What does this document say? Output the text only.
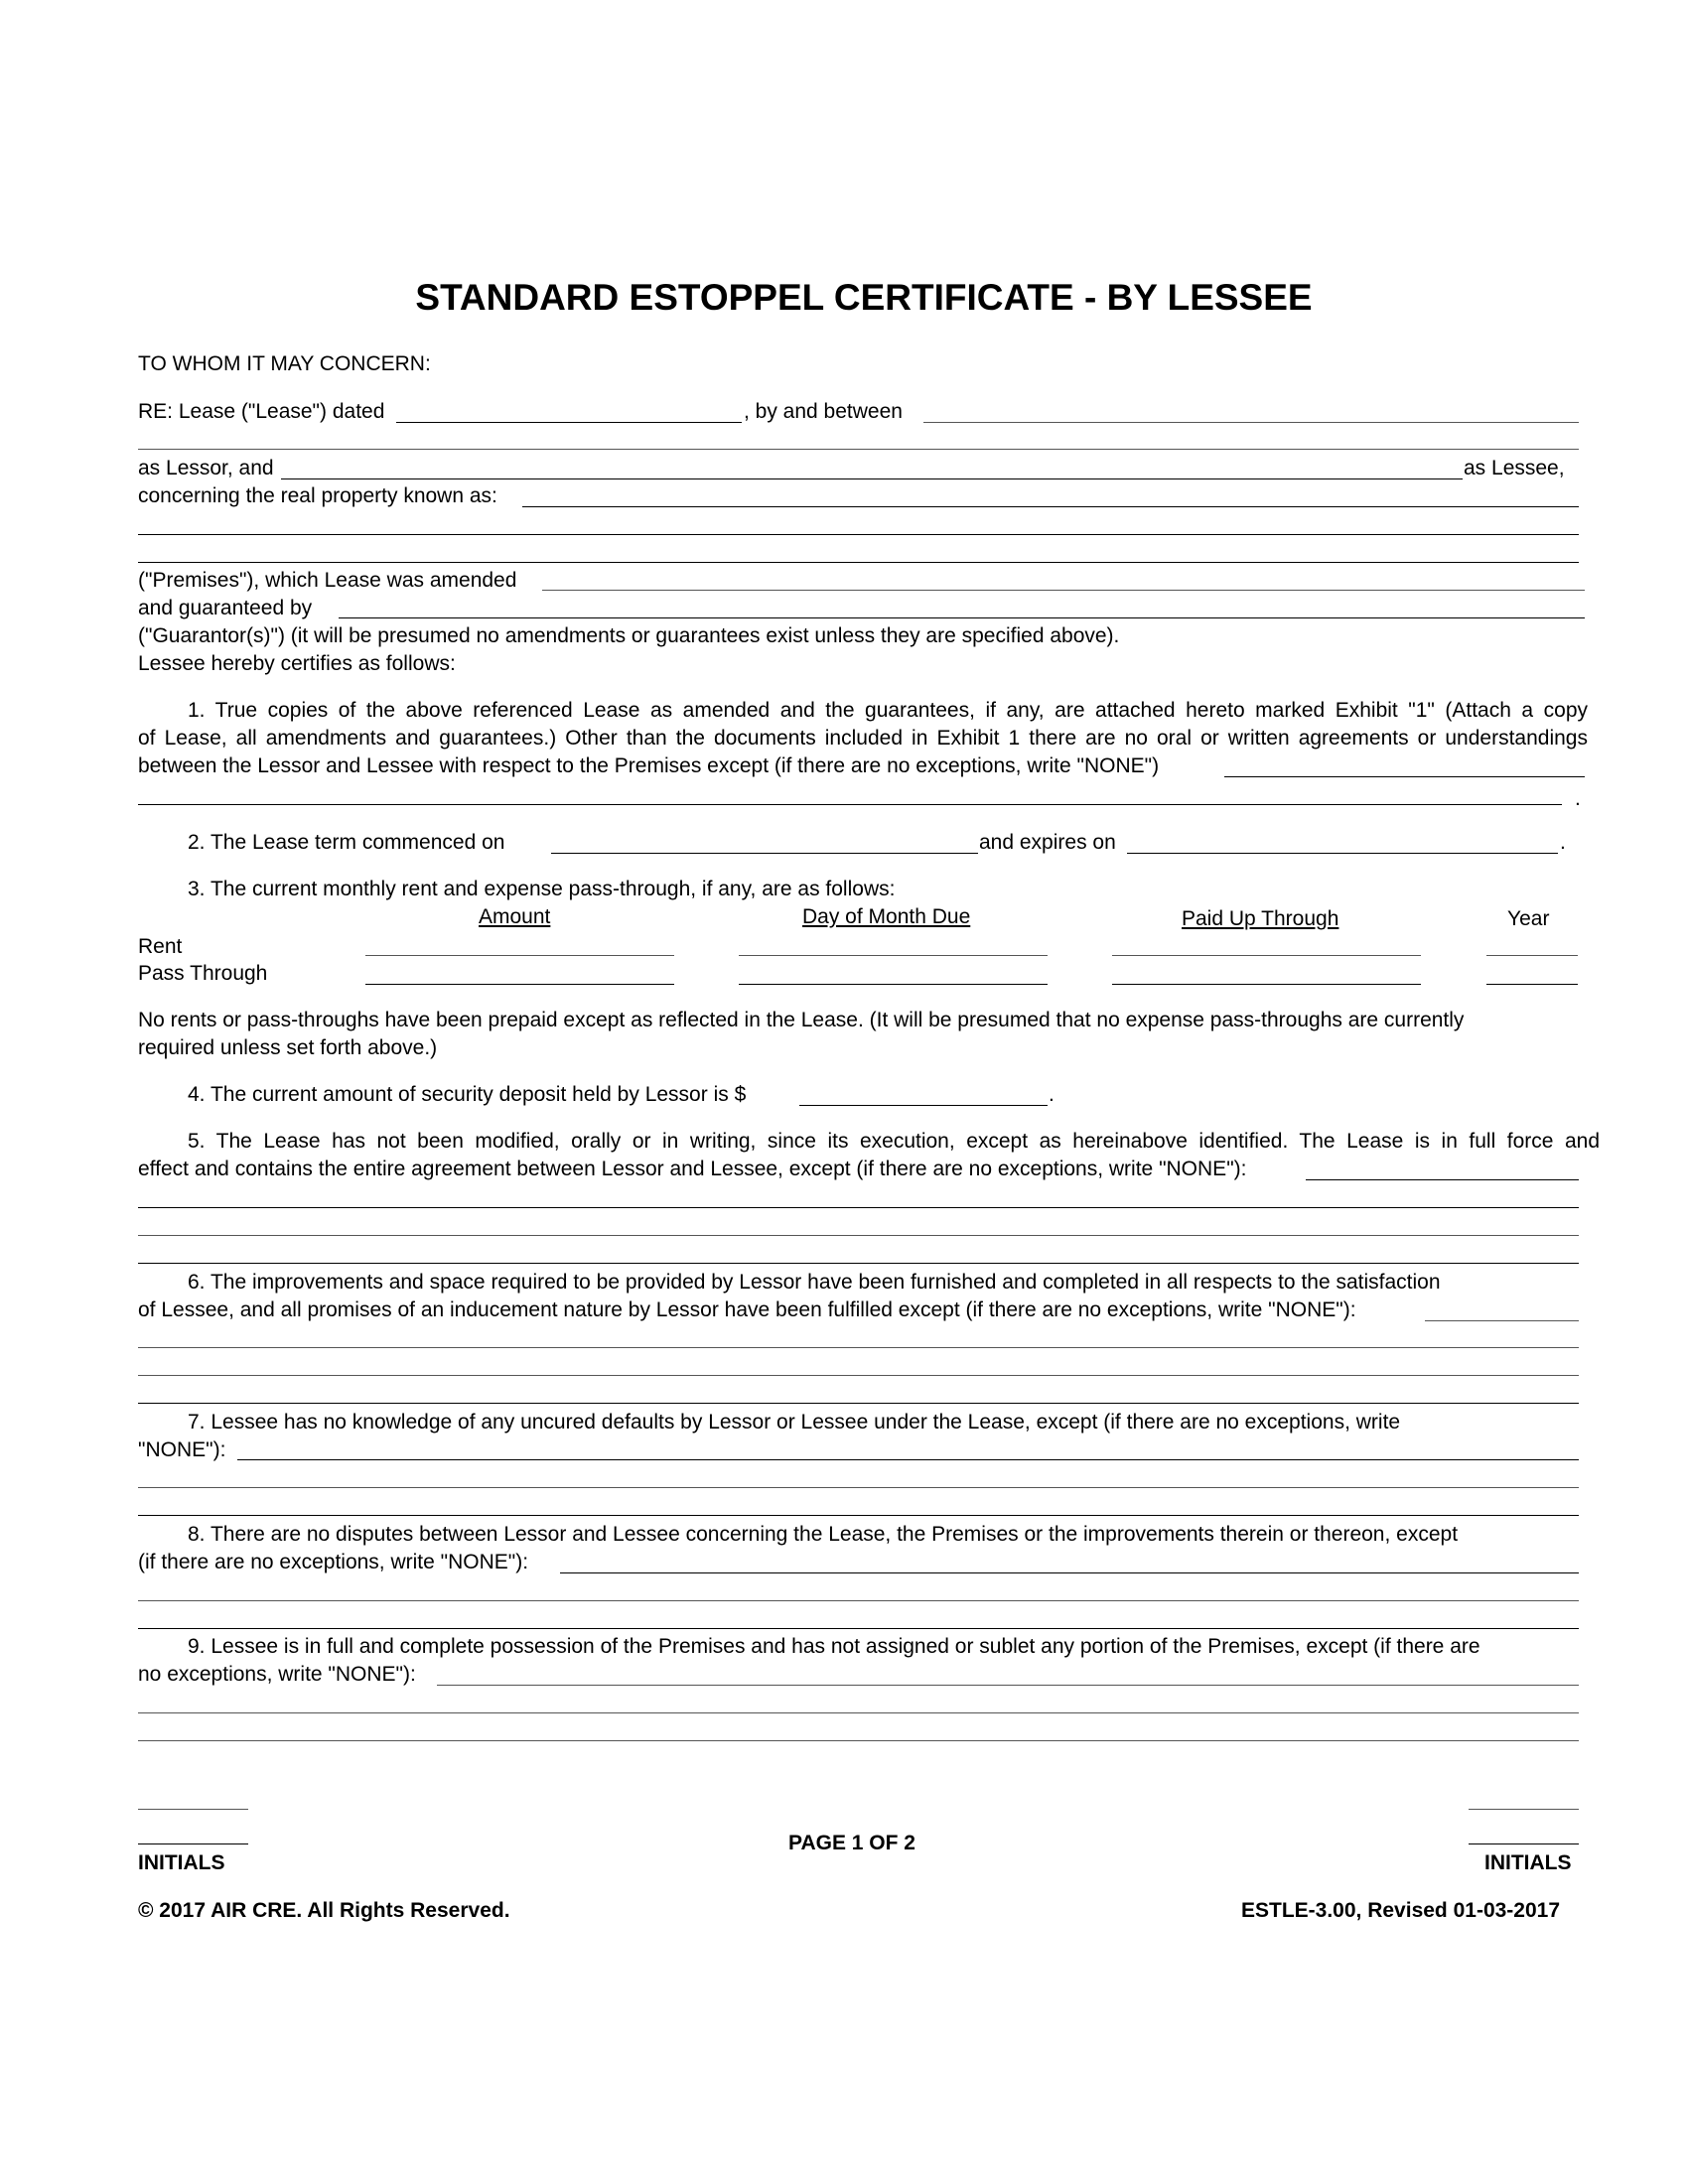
STANDARD ESTOPPEL CERTIFICATE - BY LESSEE
TO WHOM IT MAY CONCERN:
RE: Lease ("Lease") dated	, by and between
as Lessor, and	as Lessee,
concerning the real property known as:
("Premises"), which Lease was amended
and guaranteed by
("Guarantor(s)") (it will be presumed no amendments or guarantees exist unless they are specified above).
Lessee hereby certifies as follows:
1. True copies of the above referenced Lease as amended and the guarantees, if any, are attached hereto marked Exhibit "1" (Attach a copy
of Lease, all amendments and guarantees.) Other than the documents included in Exhibit 1 there are no oral or written agreements or understandings
between the Lessor and Lessee with respect to the Premises except (if there are no exceptions, write "NONE")
.
2. The Lease term commenced on	and expires on	.
3. The current monthly rent and expense pass-through, if any, are as follows:
Amount	Day of Month Due	Paid Up Through	Year
Rent
Pass Through
No rents or pass-throughs have been prepaid except as reflected in the Lease. (It will be presumed that no expense pass-throughs are currently
required unless set forth above.)
4. The current amount of security deposit held by Lessor is $	.
5. The Lease has not been modified, orally or in writing, since its execution, except as hereinabove identified. The Lease is in full force and
effect and contains the entire agreement between Lessor and Lessee, except (if there are no exceptions, write "NONE"):
6. The improvements and space required to be provided by Lessor have been furnished and completed in all respects to the satisfaction
of Lessee, and all promises of an inducement nature by Lessor have been fulfilled except (if there are no exceptions, write "NONE"):
7. Lessee has no knowledge of any uncured defaults by Lessor or Lessee under the Lease, except (if there are no exceptions, write
"NONE"):
8. There are no disputes between Lessor and Lessee concerning the Lease, the Premises or the improvements therein or thereon, except
(if there are no exceptions, write "NONE"):
9. Lessee is in full and complete possession of the Premises and has not assigned or sublet any portion of the Premises, except (if there are
no exceptions, write "NONE"):
INITIALS
PAGE 1 OF 2
INITIALS
© 2017 AIR CRE. All Rights Reserved.	ESTLE-3.00, Revised 01-03-2017
